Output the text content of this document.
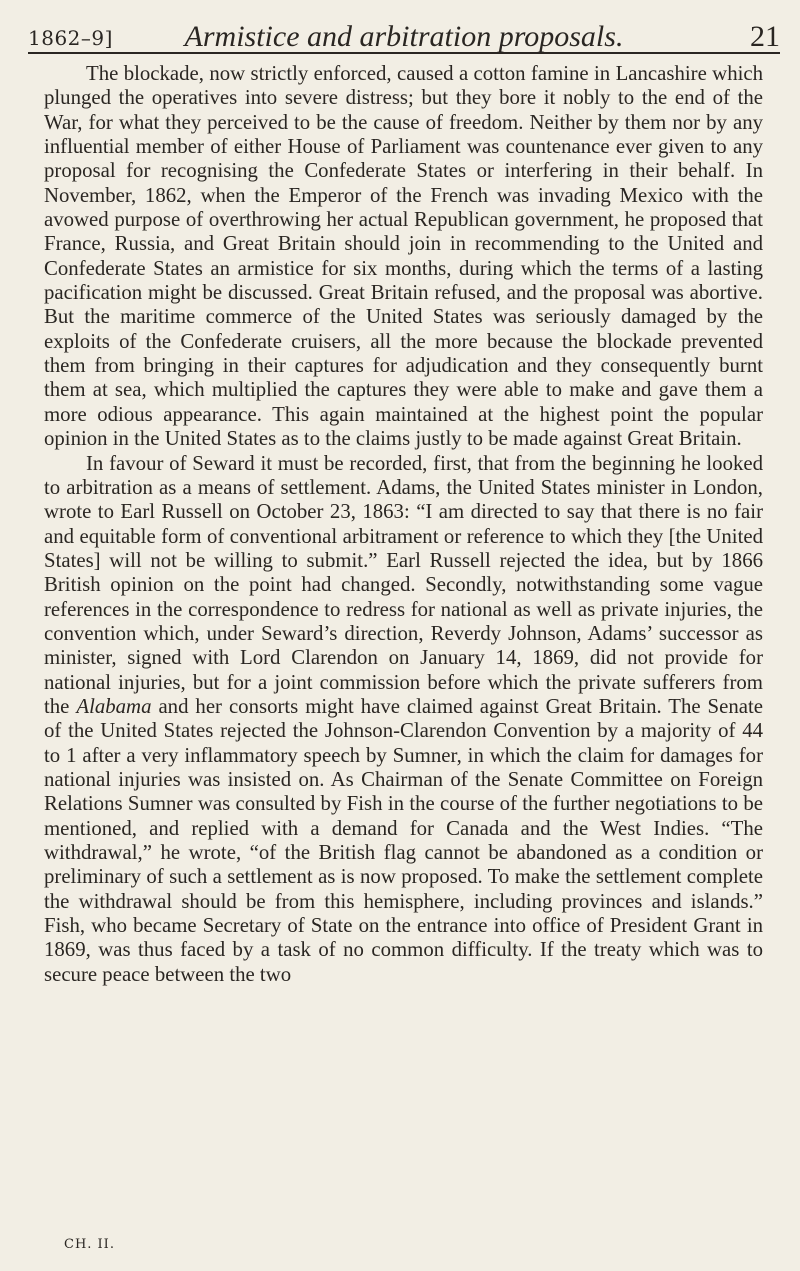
1862–9]	Armistice and arbitration proposals.	21

The blockade, now strictly enforced, caused a cotton famine in Lancashire which plunged the operatives into severe distress; but they bore it nobly to the end of the War, for what they perceived to be the cause of freedom. Neither by them nor by any influential member of either House of Parliament was countenance ever given to any proposal for recognising the Confederate States or interfering in their behalf. In November, 1862, when the Emperor of the French was invading Mexico with the avowed purpose of overthrowing her actual Republican government, he proposed that France, Russia, and Great Britain should join in recommending to the United and Confederate States an armistice for six months, during which the terms of a lasting pacification might be discussed. Great Britain refused, and the proposal was abortive. But the maritime commerce of the United States was seriously damaged by the exploits of the Confederate cruisers, all the more because the blockade prevented them from bringing in their captures for adjudication and they consequently burnt them at sea, which multiplied the captures they were able to make and gave them a more odious appearance. This again maintained at the highest point the popular opinion in the United States as to the claims justly to be made against Great Britain.

In favour of Seward it must be recorded, first, that from the beginning he looked to arbitration as a means of settlement. Adams, the United States minister in London, wrote to Earl Russell on October 23, 1863: “I am directed to say that there is no fair and equitable form of conventional arbitrament or reference to which they [the United States] will not be willing to submit.” Earl Russell rejected the idea, but by 1866 British opinion on the point had changed. Secondly, notwithstanding some vague references in the correspondence to redress for national as well as private injuries, the convention which, under Seward’s direction, Reverdy Johnson, Adams’ successor as minister, signed with Lord Clarendon on January 14, 1869, did not provide for national injuries, but for a joint commission before which the private sufferers from the Alabama and her consorts might have claimed against Great Britain. The Senate of the United States rejected the Johnson-Clarendon Convention by a majority of 44 to 1 after a very inflammatory speech by Sumner, in which the claim for damages for national injuries was insisted on. As Chairman of the Senate Committee on Foreign Relations Sumner was consulted by Fish in the course of the further negotiations to be mentioned, and replied with a demand for Canada and the West Indies. “The withdrawal,” he wrote, “of the British flag cannot be abandoned as a condition or preliminary of such a settlement as is now proposed. To make the settlement complete the withdrawal should be from this hemisphere, including provinces and islands.” Fish, who became Secretary of State on the entrance into office of President Grant in 1869, was thus faced by a task of no common difficulty. If the treaty which was to secure peace between the two

CH. II.
